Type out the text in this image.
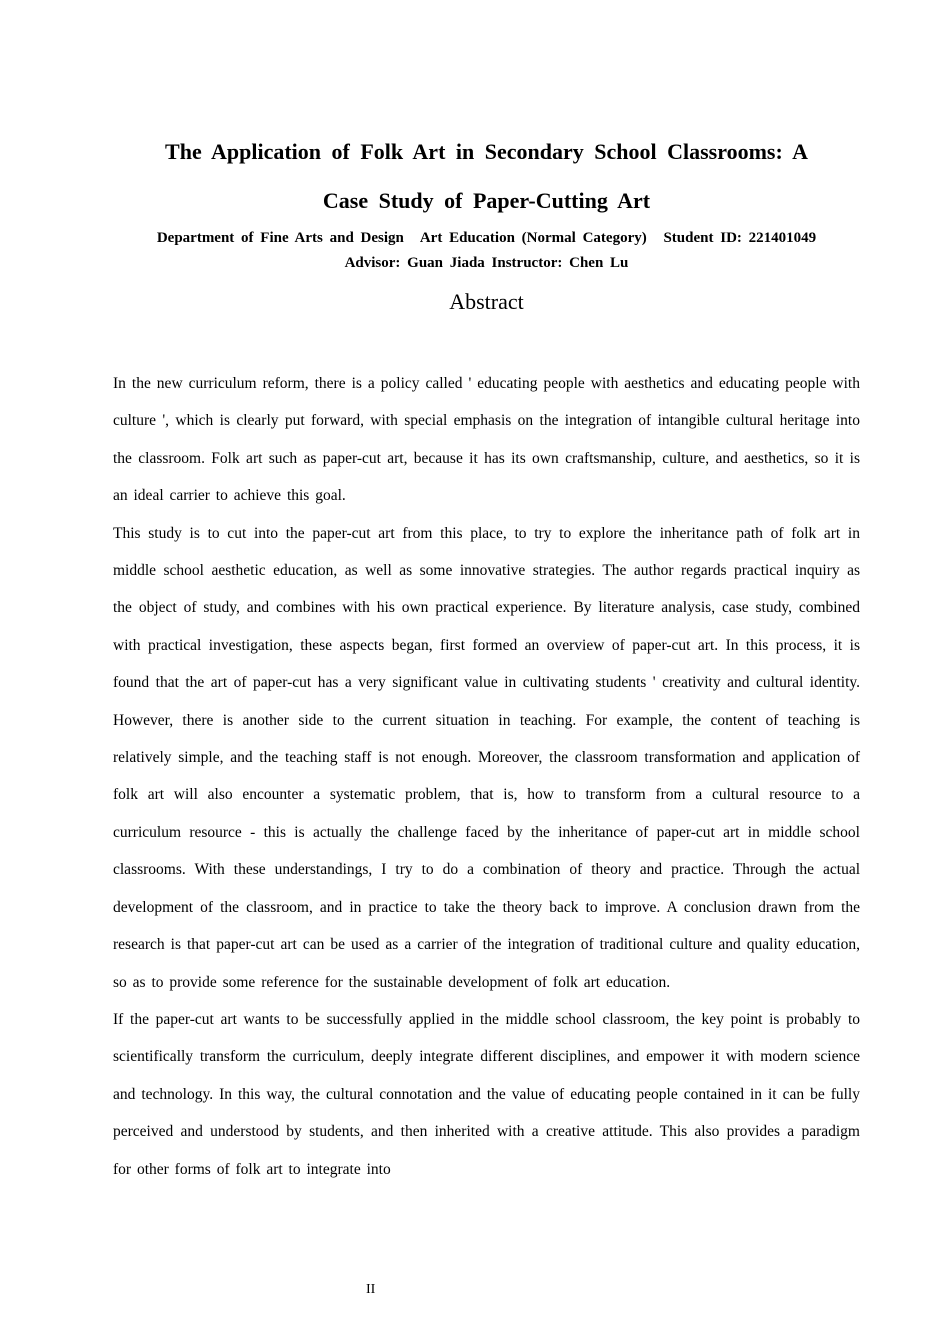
The Application of Folk Art in Secondary School Classrooms: A
Case Study of Paper-Cutting Art
Department of Fine Arts and Design Art Education (Normal Category) Student ID: 221401049
Advisor: Guan Jiada Instructor: Chen Lu
Abstract

In the new curriculum reform, there is a policy called ' educating people with aesthetics and educating people with culture ', which is clearly put forward, with special emphasis on the integration of intangible cultural heritage into the classroom. Folk art such as paper-cut art, because it has its own craftsmanship, culture, and aesthetics, so it is an ideal carrier to achieve this goal.

This study is to cut into the paper-cut art from this place, to try to explore the inheritance path of folk art in middle school aesthetic education, as well as some innovative strategies. The author regards practical inquiry as the object of study, and combines with his own practical experience. By literature analysis, case study, combined with practical investigation, these aspects began, first formed an overview of paper-cut art. In this process, it is found that the art of paper-cut has a very significant value in cultivating students ' creativity and cultural identity. However, there is another side to the current situation in teaching. For example, the content of teaching is relatively simple, and the teaching staff is not enough. Moreover, the classroom transformation and application of folk art will also encounter a systematic problem, that is, how to transform from a cultural resource to a curriculum resource - this is actually the challenge faced by the inheritance of paper-cut art in middle school classrooms. With these understandings, I try to do a combination of theory and practice. Through the actual development of the classroom, and in practice to take the theory back to improve. A conclusion drawn from the research is that paper-cut art can be used as a carrier of the integration of traditional culture and quality education, so as to provide some reference for the sustainable development of folk art education.

If the paper-cut art wants to be successfully applied in the middle school classroom, the key point is probably to scientifically transform the curriculum, deeply integrate different disciplines, and empower it with modern science and technology. In this way, the cultural connotation and the value of educating people contained in it can be fully perceived and understood by students, and then inherited with a creative attitude. This also provides a paradigm for other forms of folk art to integrate into

II
